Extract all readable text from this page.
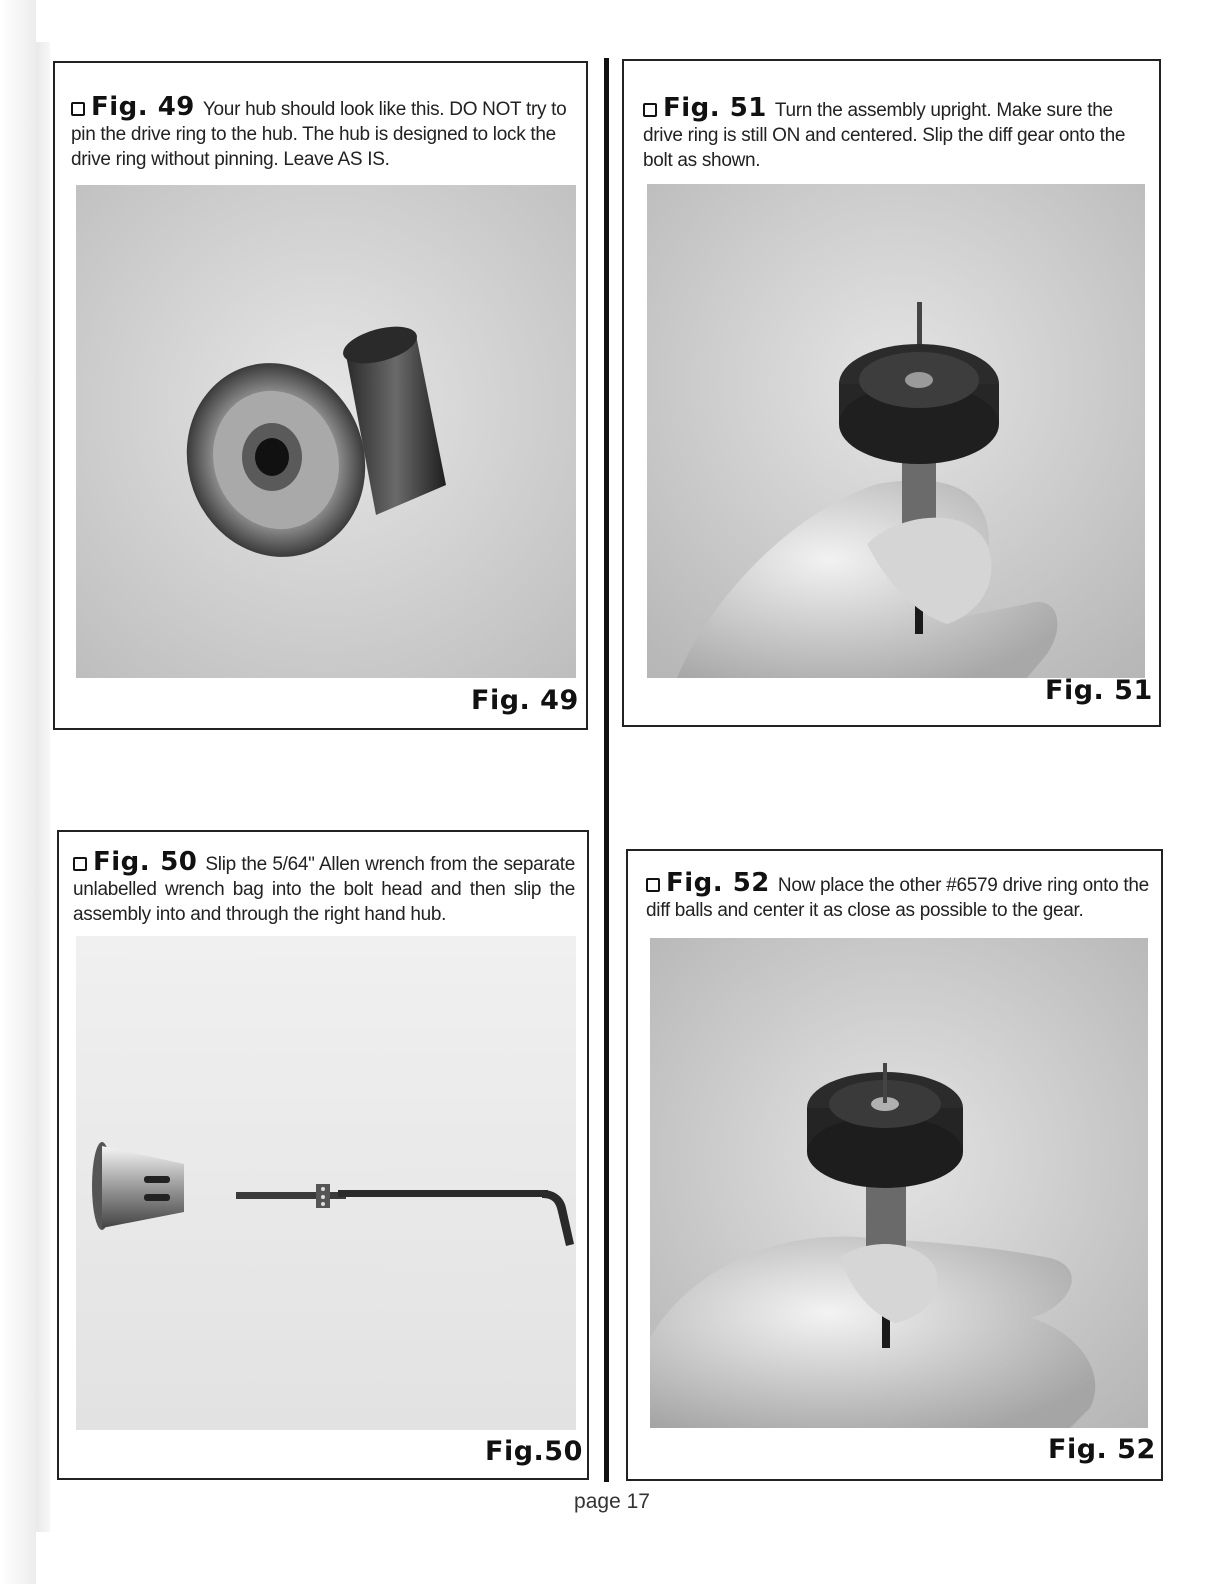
Fig. 49 Your hub should look like this. DO NOT try to pin the drive ring to the hub. The hub is designed to lock the drive ring without pinning. Leave AS IS.
Fig. 49
Fig. 51 Turn the assembly upright. Make sure the drive ring is still ON and centered. Slip the diff gear onto the bolt as shown.
Fig. 51
Fig. 50 Slip the 5/64" Allen wrench from the separate unlabelled wrench bag into the bolt head and then slip the assembly into and through the right hand hub.
Fig.50
Fig. 52 Now place the other #6579 drive ring onto the diff balls and center it as close as possible to the gear.
Fig. 52
page 17
